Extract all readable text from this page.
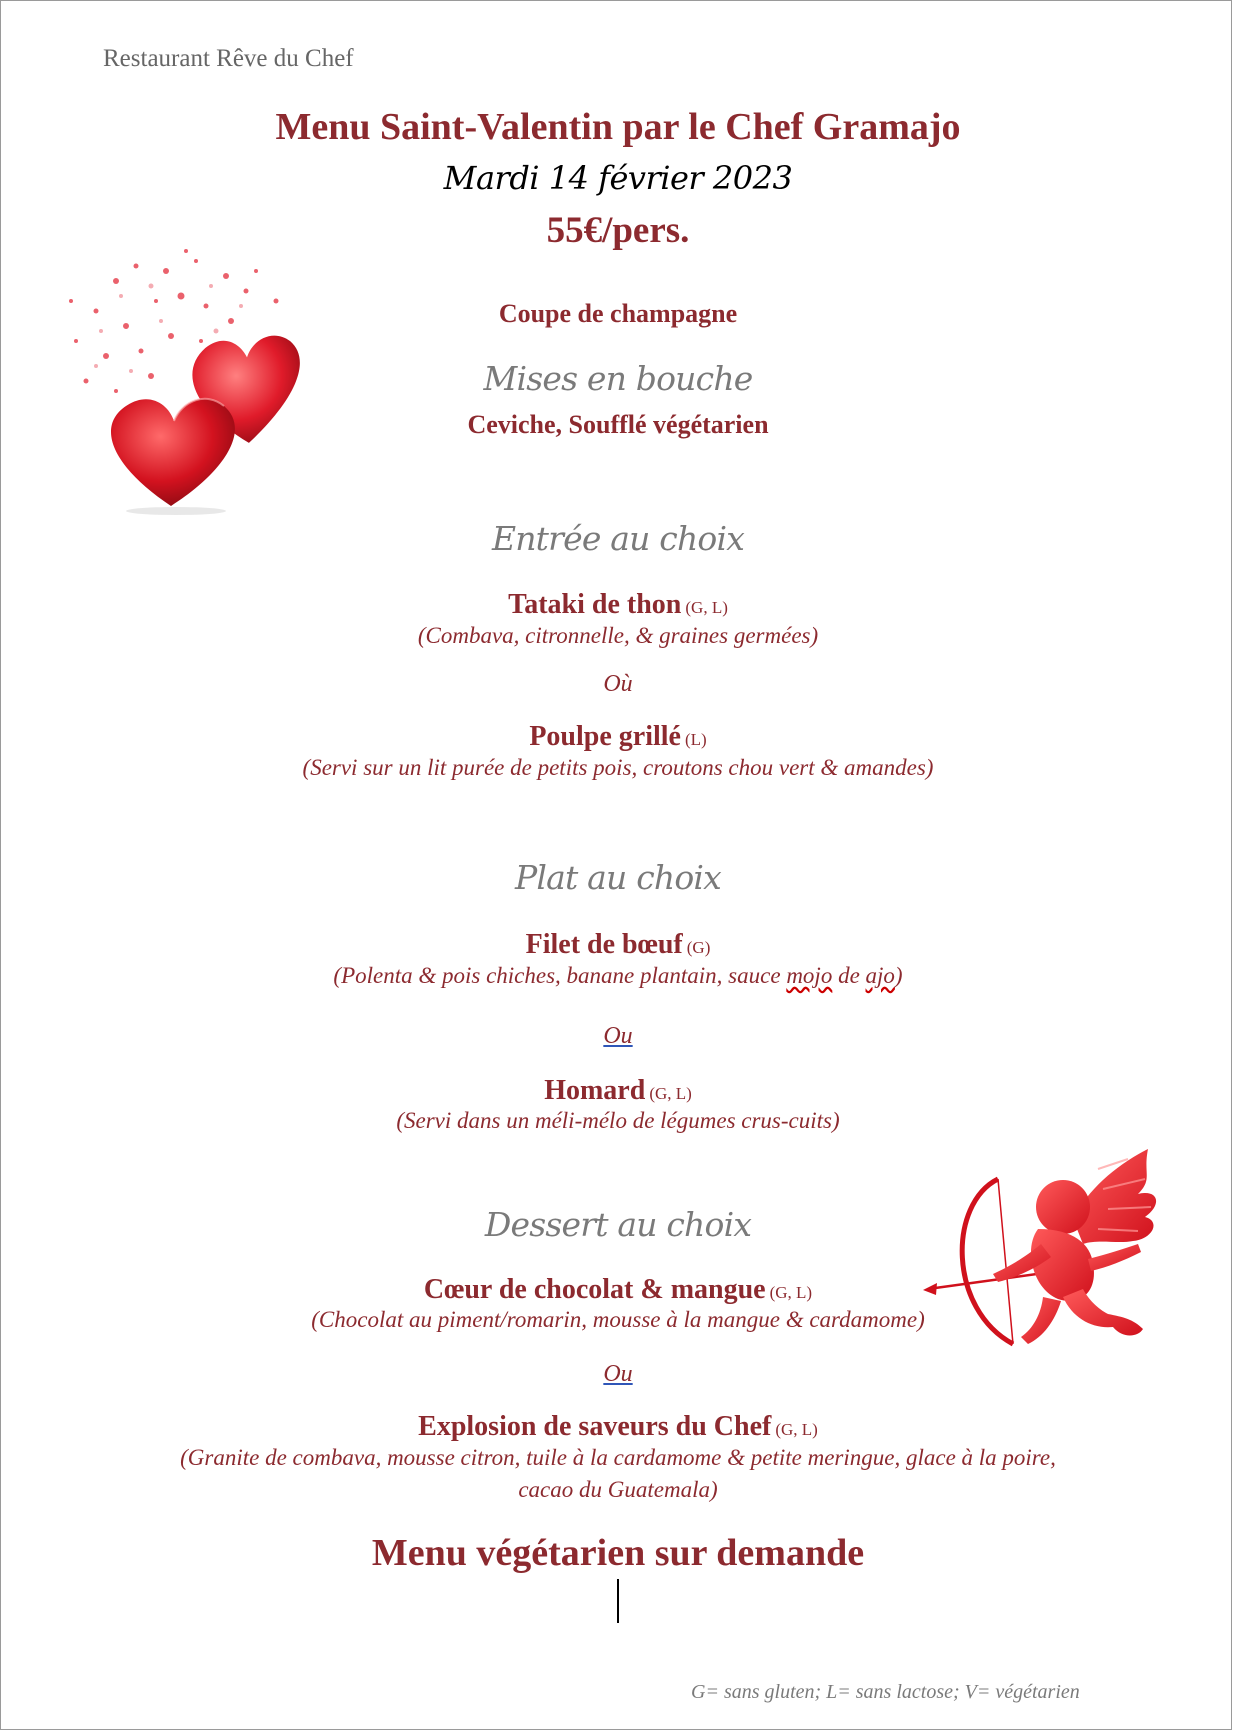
Restaurant Rêve du Chef
Menu Saint-Valentin par le Chef Gramajo
Mardi 14 février 2023
55€/pers.
Coupe de champagne
Mises en bouche
Ceviche, Soufflé végétarien
Entrée au choix
Tataki de thon (G, L)
(Combava, citronnelle, & graines germées)
Où
Poulpe grillé (L)
(Servi sur un lit purée de petits pois, croutons chou vert & amandes)
Plat au choix
Filet de bœuf (G)
(Polenta & pois chiches, banane plantain, sauce mojo de ajo)
Ou
Homard (G, L)
(Servi dans un méli-mélo de légumes crus-cuits)
Dessert au choix
Cœur de chocolat & mangue (G, L)
(Chocolat au piment/romarin, mousse à la mangue & cardamome)
Ou
Explosion de saveurs du Chef (G, L)
(Granite de combava, mousse citron, tuile à la cardamome & petite meringue, glace à la poire,
cacao du Guatemala)
Menu végétarien sur demande
G= sans gluten; L= sans lactose; V= végétarien
